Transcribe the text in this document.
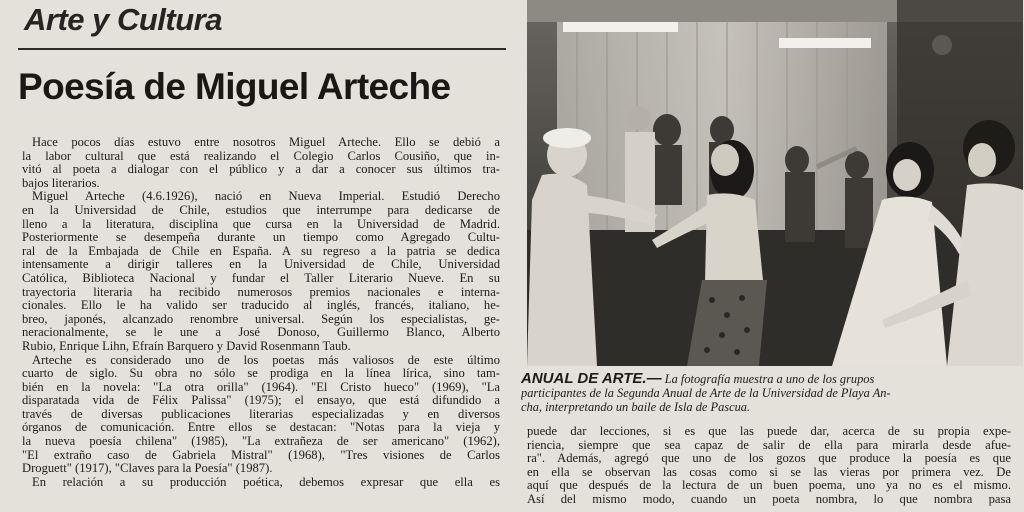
Arte y Cultura
Poesía de Miguel Arteche
Hace pocos días estuvo entre nosotros Miguel Arteche. Ello se debió a
la labor cultural que está realizando el Colegio Carlos Cousiño, que in-
vitó al poeta a dialogar con el público y a dar a conocer sus últimos tra-
bajos literarios.
Miguel Arteche (4.6.1926), nació en Nueva Imperial. Estudió Derecho
en la Universidad de Chile, estudios que interrumpe para dedicarse de
lleno a la literatura, disciplina que cursa en la Universidad de Madrid.
Posteriormente se desempeña durante un tiempo como Agregado Cultu-
ral de la Embajada de Chile en España. A su regreso a la patria se dedica
intensamente a dirigir talleres en la Universidad de Chile, Universidad
Católica, Biblioteca Nacional y fundar el Taller Literario Nueve. En su
trayectoria literaria ha recibido numerosos premios nacionales e interna-
cionales. Ello le ha valido ser traducido al inglés, francés, italiano, he-
breo, japonés, alcanzado renombre universal. Según los especialistas, ge-
neracionalmente, se le une a José Donoso, Guillermo Blanco, Alberto
Rubio, Enrique Lihn, Efraín Barquero y David Rosenmann Taub.
Arteche es considerado uno de los poetas más valiosos de este último
cuarto de siglo. Su obra no sólo se prodiga en la línea lírica, sino tam-
bién en la novela: "La otra orilla" (1964). "El Cristo hueco" (1969), "La
disparatada vida de Félix Palissa" (1975); el ensayo, que está difundido a
través de diversas publicaciones literarias especializadas y en diversos
órganos de comunicación. Entre ellos se destacan: "Notas para la vieja y
la nueva poesía chilena" (1985), "La extrañeza de ser americano" (1962),
"El extraño caso de Gabriela Mistral" (1968), "Tres visiones de Carlos
Droguett" (1917), "Claves para la Poesía" (1987).
En relación a su producción poética, debemos expresar que ella es
ANUAL DE ARTE.— La fotografía muestra a uno de los grupos
participantes de la Segunda Anual de Arte de la Universidad de Playa An-
cha, interpretando un baile de Isla de Pascua.
puede dar lecciones, si es que las puede dar, acerca de su propia expe-
riencia, siempre que sea capaz de salir de ella para mirarla desde afue-
ra". Además, agregó que uno de los gozos que produce la poesía es que
en ella se observan las cosas como si se las vieras por primera vez. De
aquí que después de la lectura de un buen poema, uno ya no es el mismo.
Así del mismo modo, cuando un poeta nombra, lo que nombra pasa
